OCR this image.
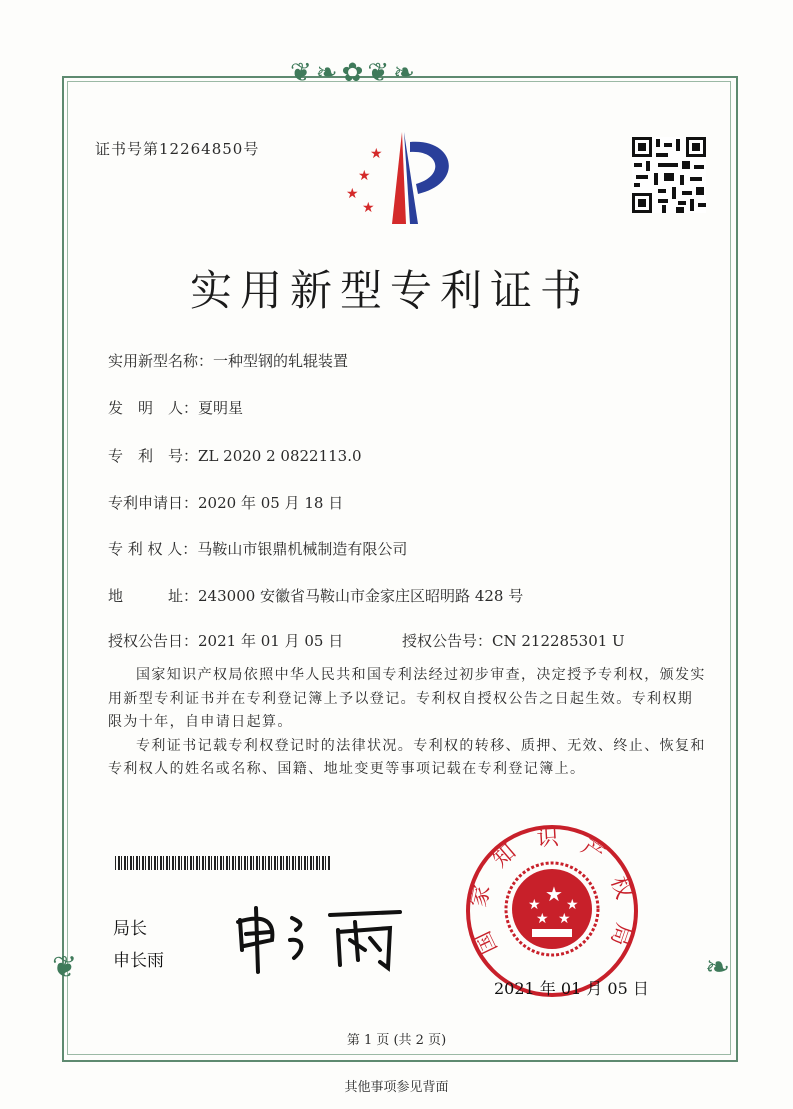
❦❧✿❦❧
❦	❧
证书号第12264850号	★
★
★
★
实用新型专利证书
实用新型名称：一种型钢的轧辊装置
发　明　人：夏明星
专　利　号：ZL 2020 2 0822113.0
专利申请日：2020 年 05 月 18 日
专 利 权 人：马鞍山市银鼎机械制造有限公司
地　　　址：243000 安徽省马鞍山市金家庄区昭明路 428 号
授权公告日：2021 年 01 月 05 日	授权公告号：CN 212285301 U

国家知识产权局依照中华人民共和国专利法经过初步审查，决定授予专利权，颁发实用新型专利证书并在专利登记簿上予以登记。专利权自授权公告之日起生效。专利权期限为十年，自申请日起算。

专利证书记载专利权登记时的法律状况。专利权的转移、质押、无效、终止、恢复和专利权人的姓名或名称、国籍、地址变更等事项记载在专利登记簿上。

局长
申长雨
★
★ ★
★ ★
国家知识产权局
2021 年 01 月 05 日
第 1 页 (共 2 页)
其他事项参见背面
